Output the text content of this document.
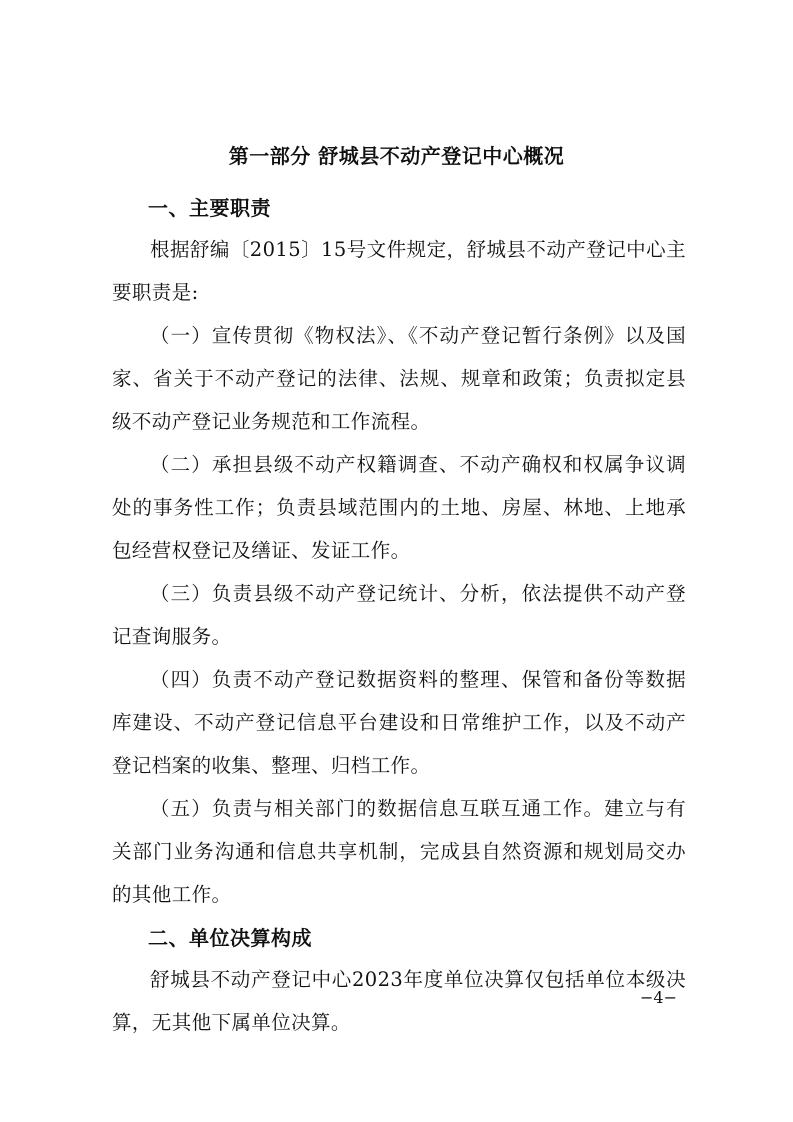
第一部分 舒城县不动产登记中心概况
一、主要职责
根据舒编〔2015〕15号文件规定，舒城县不动产登记中心主要职责是:
（一）宣传贯彻《物权法》、《不动产登记暂行条例》以及国家、省关于不动产登记的法律、法规、规章和政策；负责拟定县级不动产登记业务规范和工作流程。
（二）承担县级不动产权籍调查、不动产确权和权属争议调处的事务性工作；负责县域范围内的土地、房屋、林地、上地承包经营权登记及缮证、发证工作。
（三）负责县级不动产登记统计、分析，依法提供不动产登记查询服务。
（四）负责不动产登记数据资料的整理、保管和备份等数据库建设、不动产登记信息平台建设和日常维护工作，以及不动产登记档案的收集、整理、归档工作。
（五）负责与相关部门的数据信息互联互通工作。建立与有关部门业务沟通和信息共享机制，完成县自然资源和规划局交办的其他工作。
二、单位决算构成
舒城县不动产登记中心2023年度单位决算仅包括单位本级决算，无其他下属单位决算。
−4−
